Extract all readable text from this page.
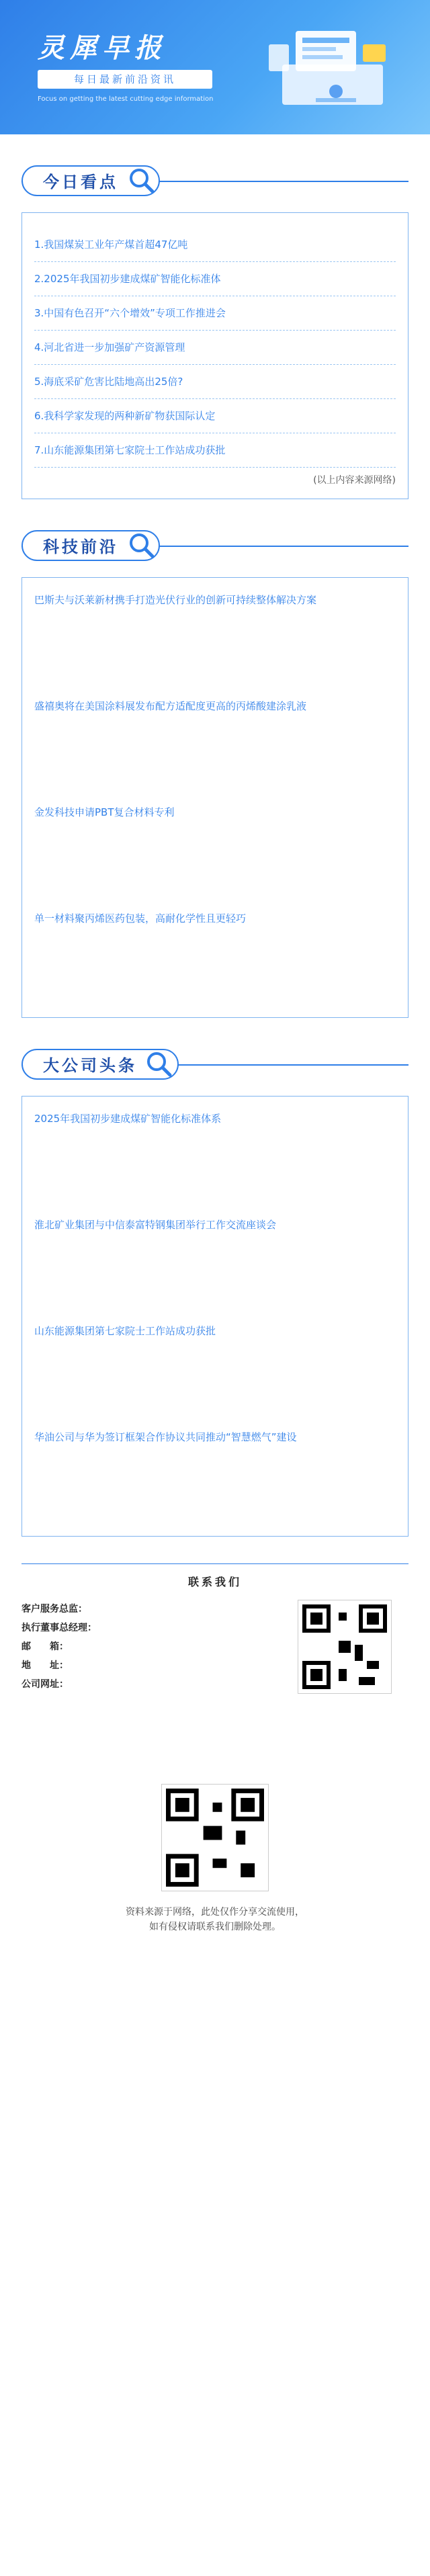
灵犀早报
每日最新前沿资讯
Focus on getting the latest cutting edge information
今日看点
1.我国煤炭工业年产煤首超47亿吨
2.2025年我国初步建成煤矿智能化标准体
3.中国有色召开“六个增效”专项工作推进会
4.河北省进一步加强矿产资源管理
5.海底采矿危害比陆地高出25倍?
6.我科学家发现的两种新矿物获国际认定
7.山东能源集团第七家院士工作站成功获批
(以上内容来源网络)
科技前沿
巴斯夫与沃莱新材携手打造光伏行业的创新可持续整体解决方案
盛禧奥将在美国涂料展发布配方适配度更高的丙烯酸建涂乳液
金发科技申请PBT复合材料专利
单一材料聚丙烯医药包装，高耐化学性且更轻巧
大公司头条
2025年我国初步建成煤矿智能化标准体系
淮北矿业集团与中信泰富特钢集团举行工作交流座谈会
山东能源集团第七家院士工作站成功获批
华油公司与华为签订框架合作协议共同推动“智慧燃气”建设
联系我们
客户服务总监：
执行董事总经理：
邮　　箱：
地　　址：
公司网址：
资料来源于网络，此处仅作分享交流使用，
如有侵权请联系我们删除处理。
